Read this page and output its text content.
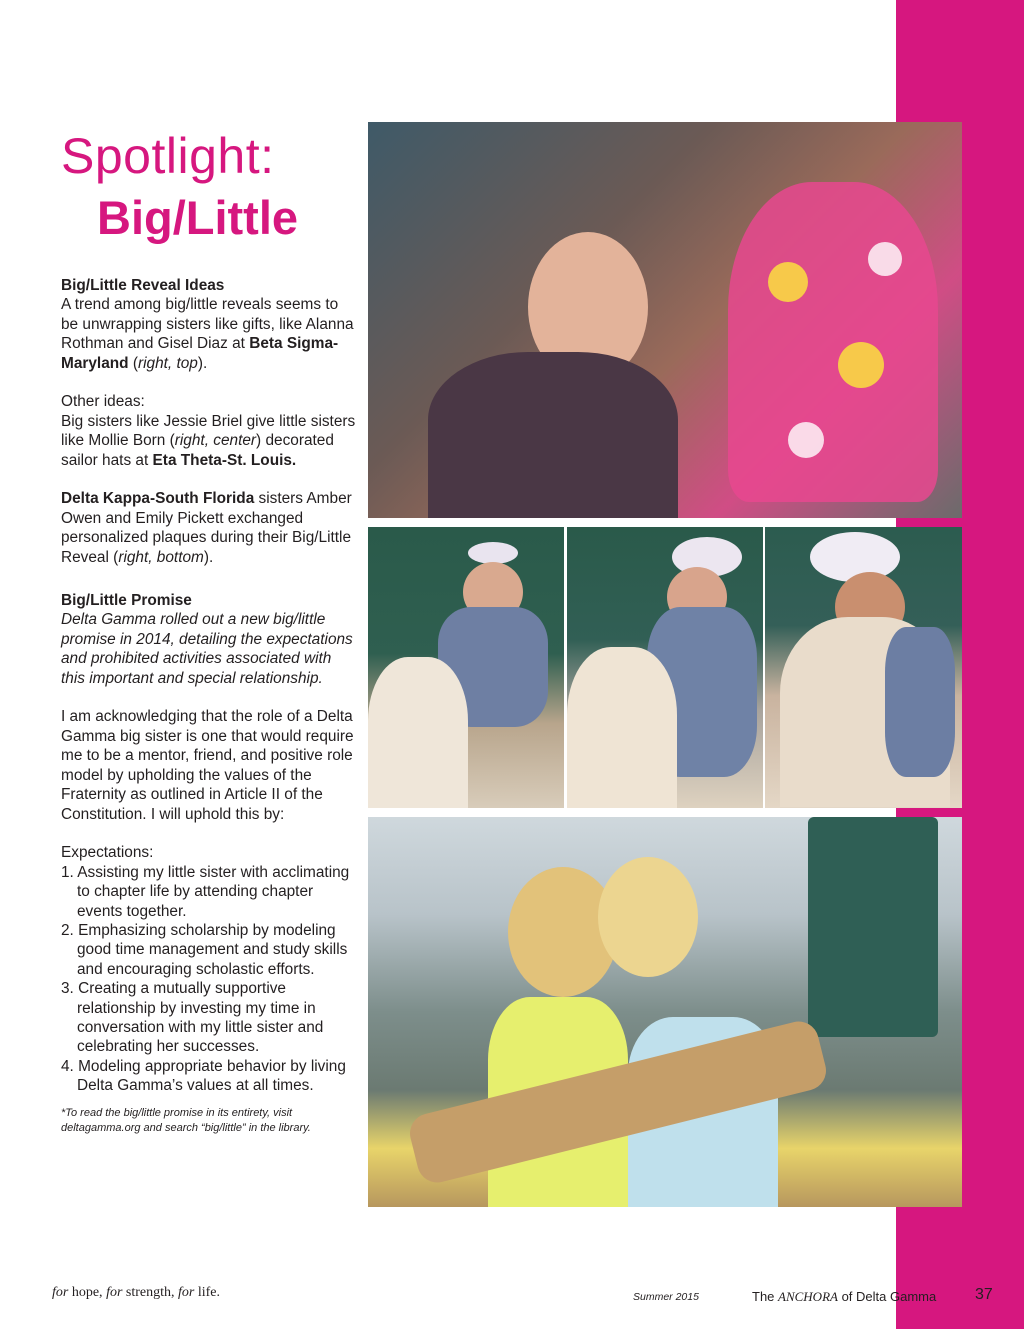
Spotlight:
Big/Little

Big/Little Reveal Ideas

A trend among big/little reveals seems to be unwrapping sisters like gifts, like Alanna Rothman and Gisel Diaz at Beta Sigma-Maryland (right, top).

Other ideas:

Big sisters like Jessie Briel give little sisters like Mollie Born (right, center) decorated sailor hats at Eta Theta-St. Louis.

Delta Kappa-South Florida sisters Amber Owen and Emily Pickett exchanged personalized plaques during their Big/Little Reveal (right, bottom).

Big/Little Promise

Delta Gamma rolled out a new big/little promise in 2014, detailing the expectations and prohibited activities associated with this important and special relationship.

I am acknowledging that the role of a Delta Gamma big sister is one that would require me to be a mentor, friend, and positive role model by upholding the values of the Fraternity as outlined in Article II of the Constitution. I will uphold this by:

Expectations:

1. Assisting my little sister with acclimating to chapter life by attending chapter events together.
2. Emphasizing scholarship by modeling good time management and study skills and encouraging scholastic efforts.
3. Creating a mutually supportive relationship by investing my time in conversation with my little sister and celebrating her successes.
4. Modeling appropriate behavior by living Delta Gamma’s values at all times.

*To read the big/little promise in its entirety, visit deltagamma.org and search “big/little” in the library.

for hope, for strength, for life.	Summer 2015	The ANCHORA of Delta Gamma 37
